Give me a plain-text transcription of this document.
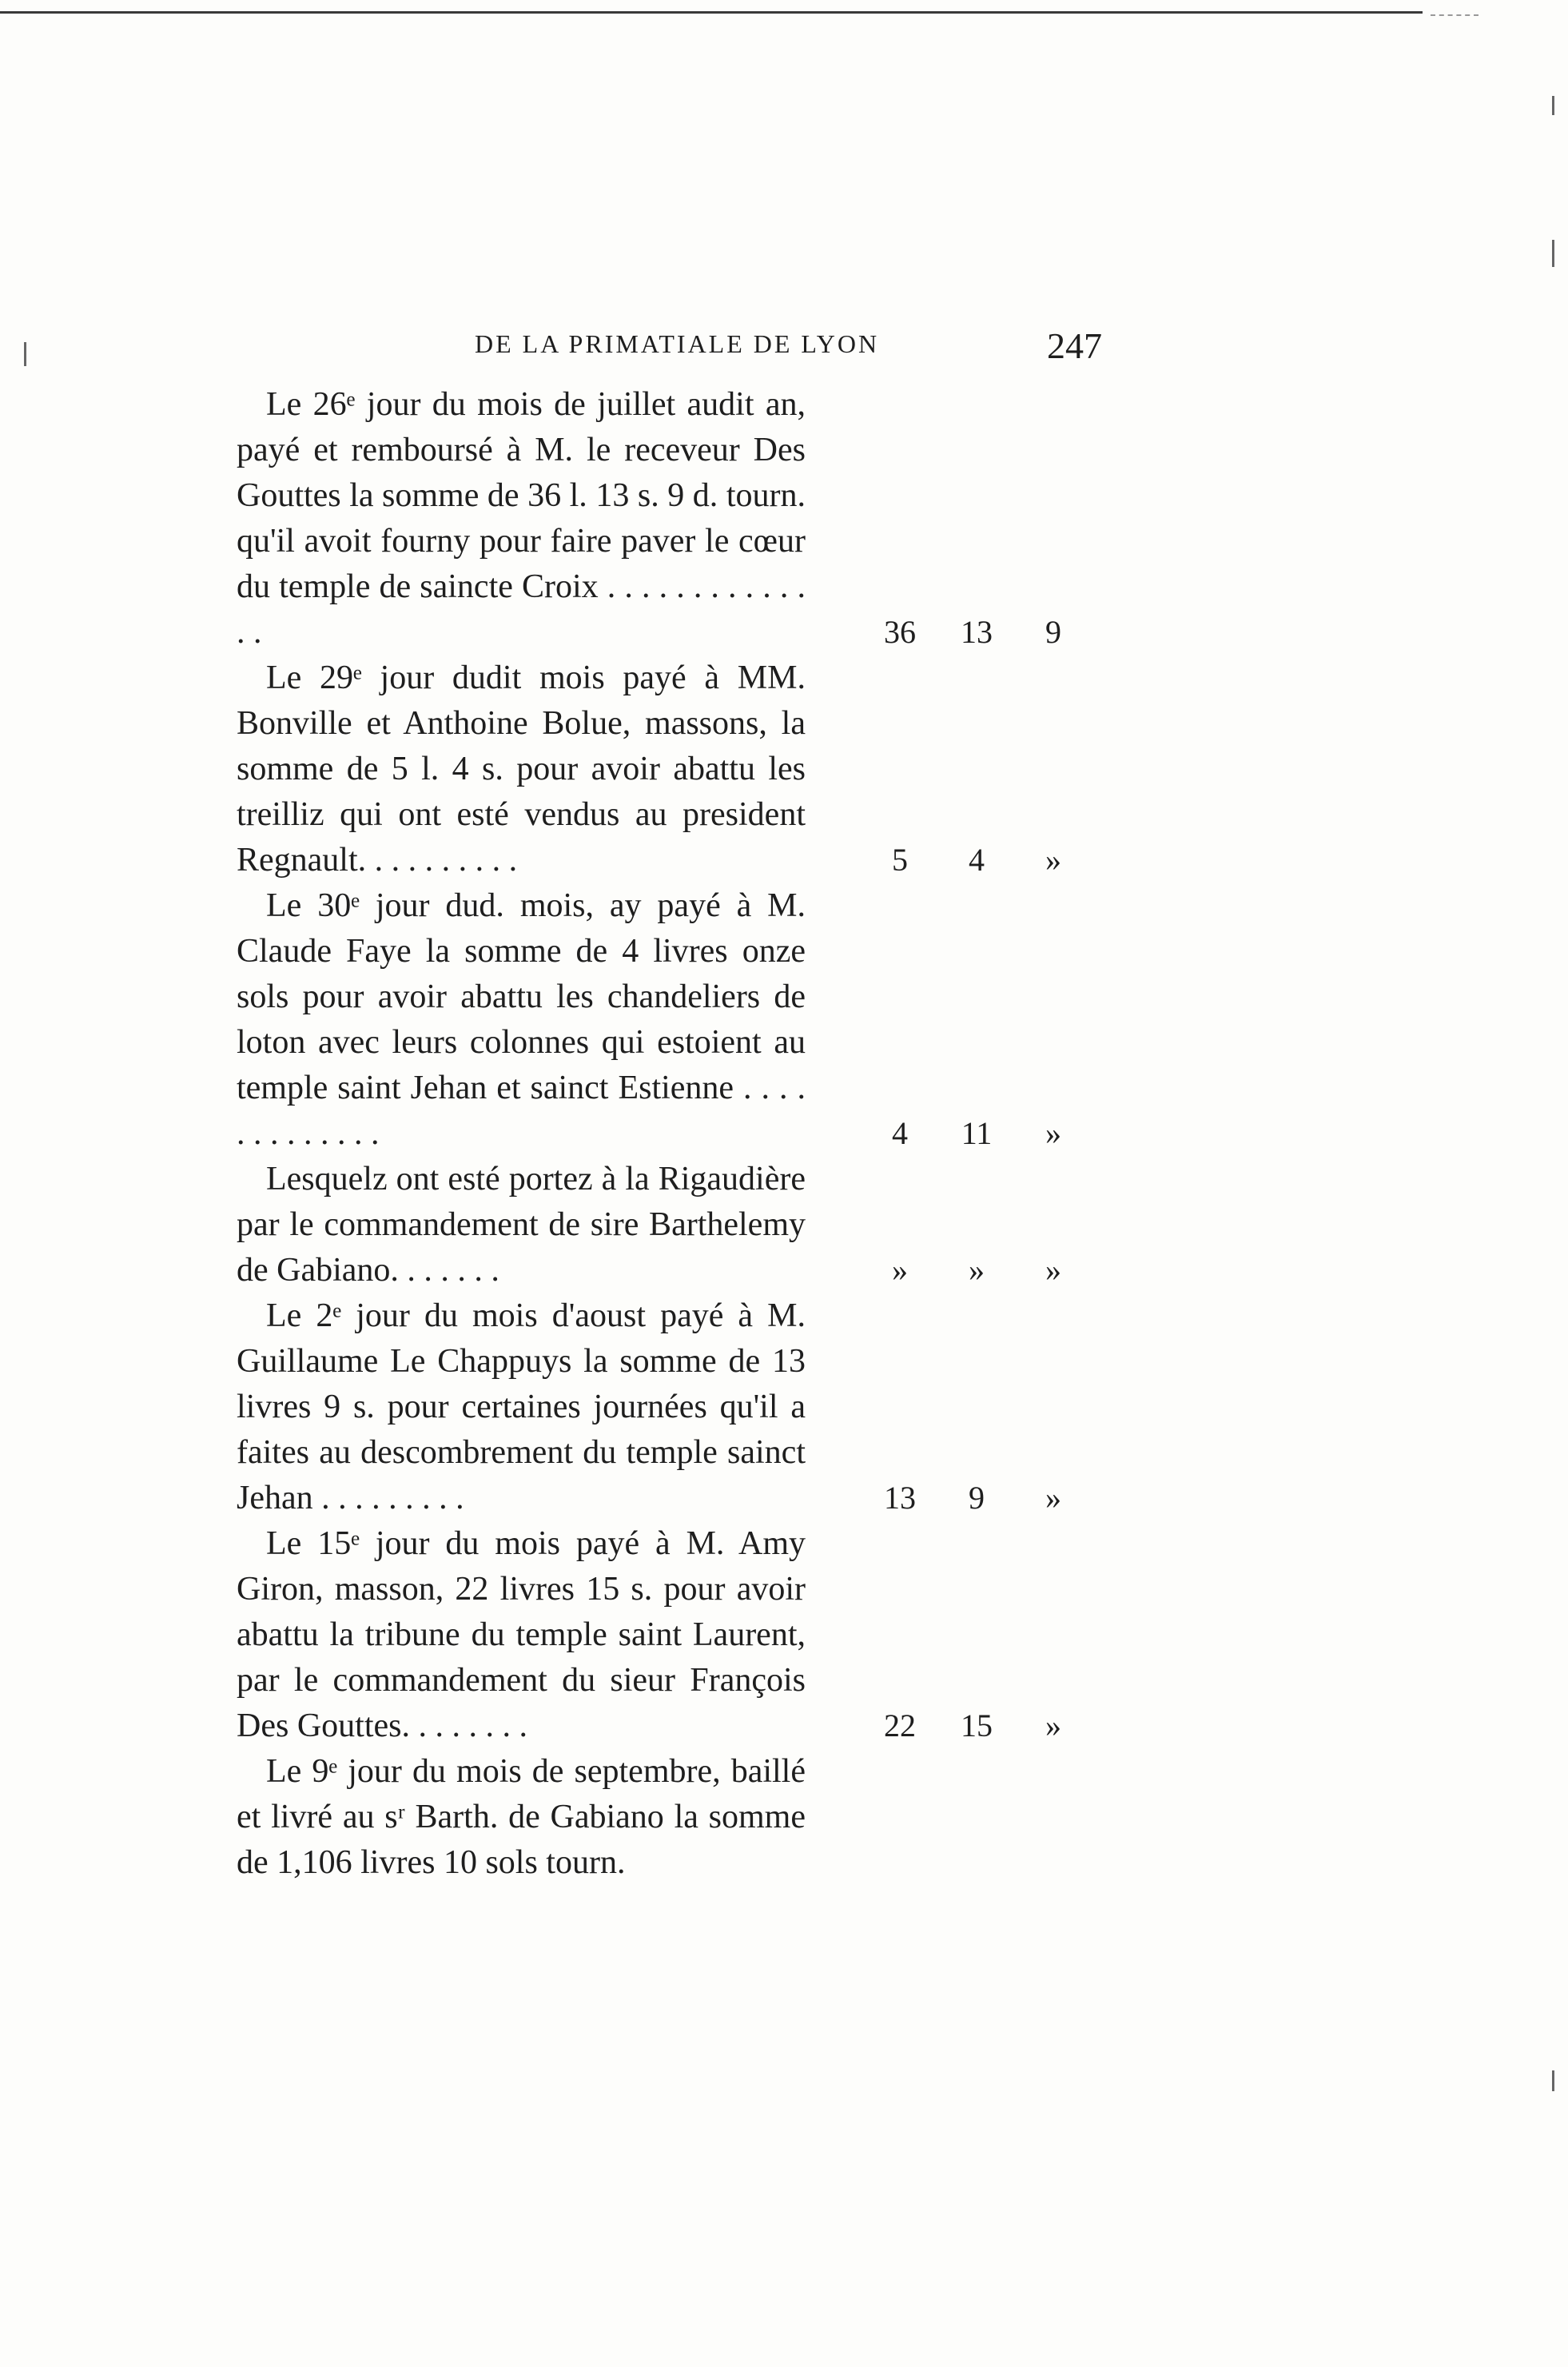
DE LA PRIMATIALE DE LYON	247

Le 26ᵉ jour du mois de juillet audit an, payé et remboursé à M. le receveur Des Gouttes la somme de 36 l. 13 s. 9 d. tourn. qu'il avoit fourny pour faire paver le cœur du temple de saincte Croix . . . . . . . . . . . . . .	36	13	9

Le 29ᵉ jour dudit mois payé à MM. Bonville et Anthoine Bolue, massons, la somme de 5 l. 4 s. pour avoir abattu les treilliz qui ont esté vendus au president Regnault. . . . . . . . . .	5	4	»

Le 30ᵉ jour dud. mois, ay payé à M. Claude Faye la somme de 4 livres onze sols pour avoir abattu les chandeliers de loton avec leurs colonnes qui estoient au temple saint Jehan et sainct Estienne . . . . . . . . . . . . .	4	11	»

Lesquelz ont esté portez à la Rigaudière par le commandement de sire Barthelemy de Gabiano. . . . . . .	»	»	»

Le 2ᵉ jour du mois d'aoust payé à M. Guillaume Le Chappuys la somme de 13 livres 9 s. pour certaines journées qu'il a faites au descombrement du temple sainct Jehan . . . . . . . . .	13	9	»

Le 15ᵉ jour du mois payé à M. Amy Giron, masson, 22 livres 15 s. pour avoir abattu la tribune du temple saint Laurent, par le commandement du sieur François Des Gouttes. . . . . . . .	22	15	»

Le 9ᵉ jour du mois de septembre, baillé et livré au sʳ Barth. de Gabiano la somme de 1,106 livres 10 sols tourn.
